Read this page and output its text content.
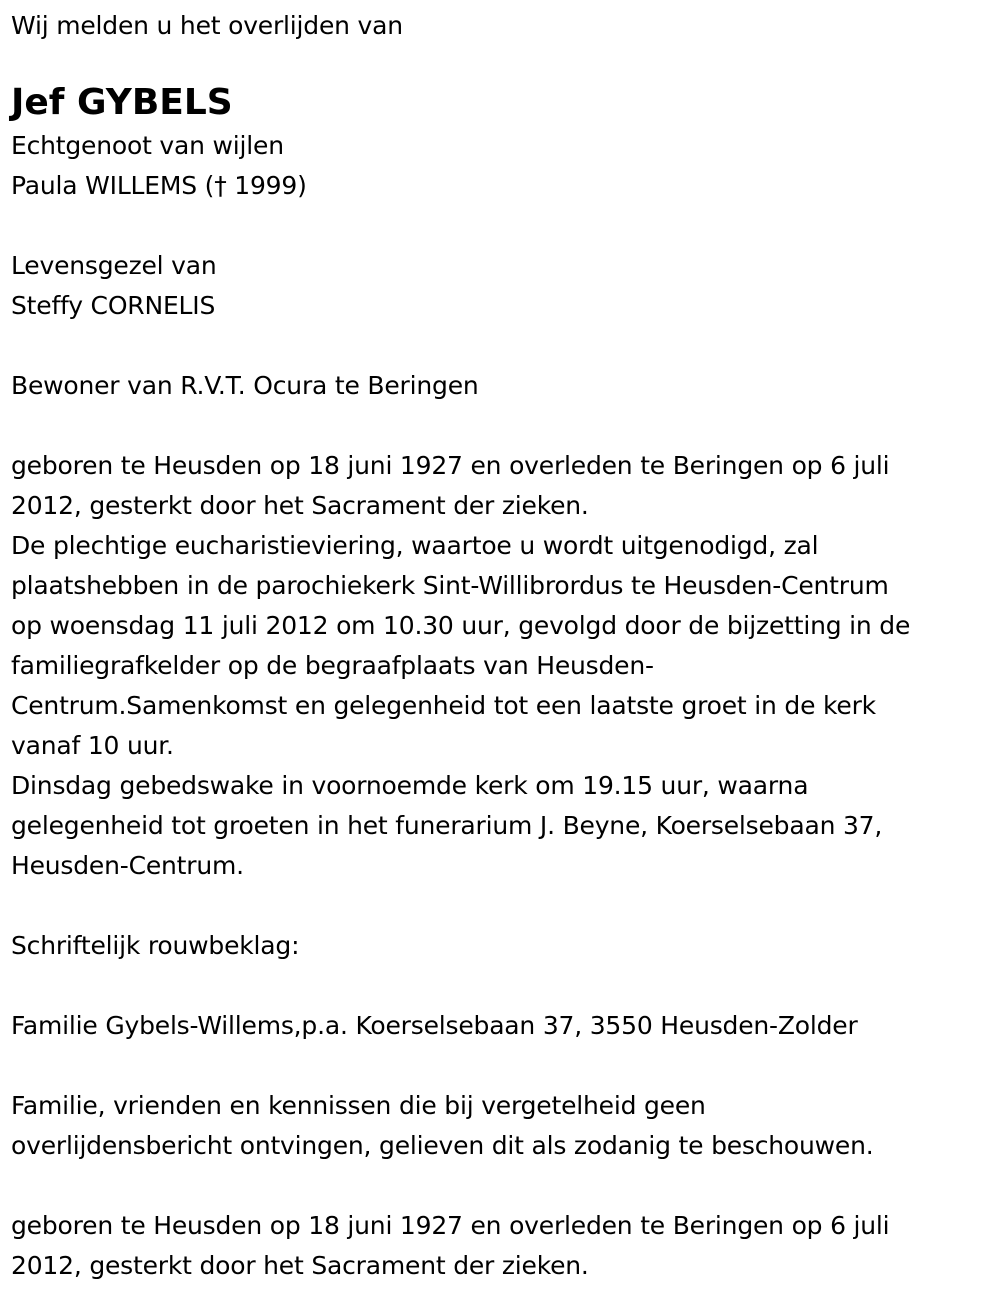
Wij melden u het overlijden van
Jef GYBELS
Echtgenoot van wijlen
Paula WILLEMS († 1999)
Levensgezel van
Steffy CORNELIS
Bewoner van R.V.T. Ocura te Beringen
geboren te Heusden op 18 juni 1927 en overleden te Beringen op 6 juli
2012, gesterkt door het Sacrament der zieken.
De plechtige eucharistieviering, waartoe u wordt uitgenodigd, zal
plaatshebben in de parochiekerk Sint-Willibrordus te Heusden-Centrum
op woensdag 11 juli 2012 om 10.30 uur, gevolgd door de bijzetting in de
familiegrafkelder op de begraafplaats van Heusden-
Centrum.Samenkomst en gelegenheid tot een laatste groet in de kerk
vanaf 10 uur.
Dinsdag gebedswake in voornoemde kerk om 19.15 uur, waarna
gelegenheid tot groeten in het funerarium J. Beyne, Koerselsebaan 37,
Heusden-Centrum.
Schriftelijk rouwbeklag:
Familie Gybels-Willems,p.a. Koerselsebaan 37, 3550 Heusden-Zolder
Familie, vrienden en kennissen die bij vergetelheid geen
overlijdensbericht ontvingen, gelieven dit als zodanig te beschouwen.
geboren te Heusden op 18 juni 1927 en overleden te Beringen op 6 juli
2012, gesterkt door het Sacrament der zieken.
